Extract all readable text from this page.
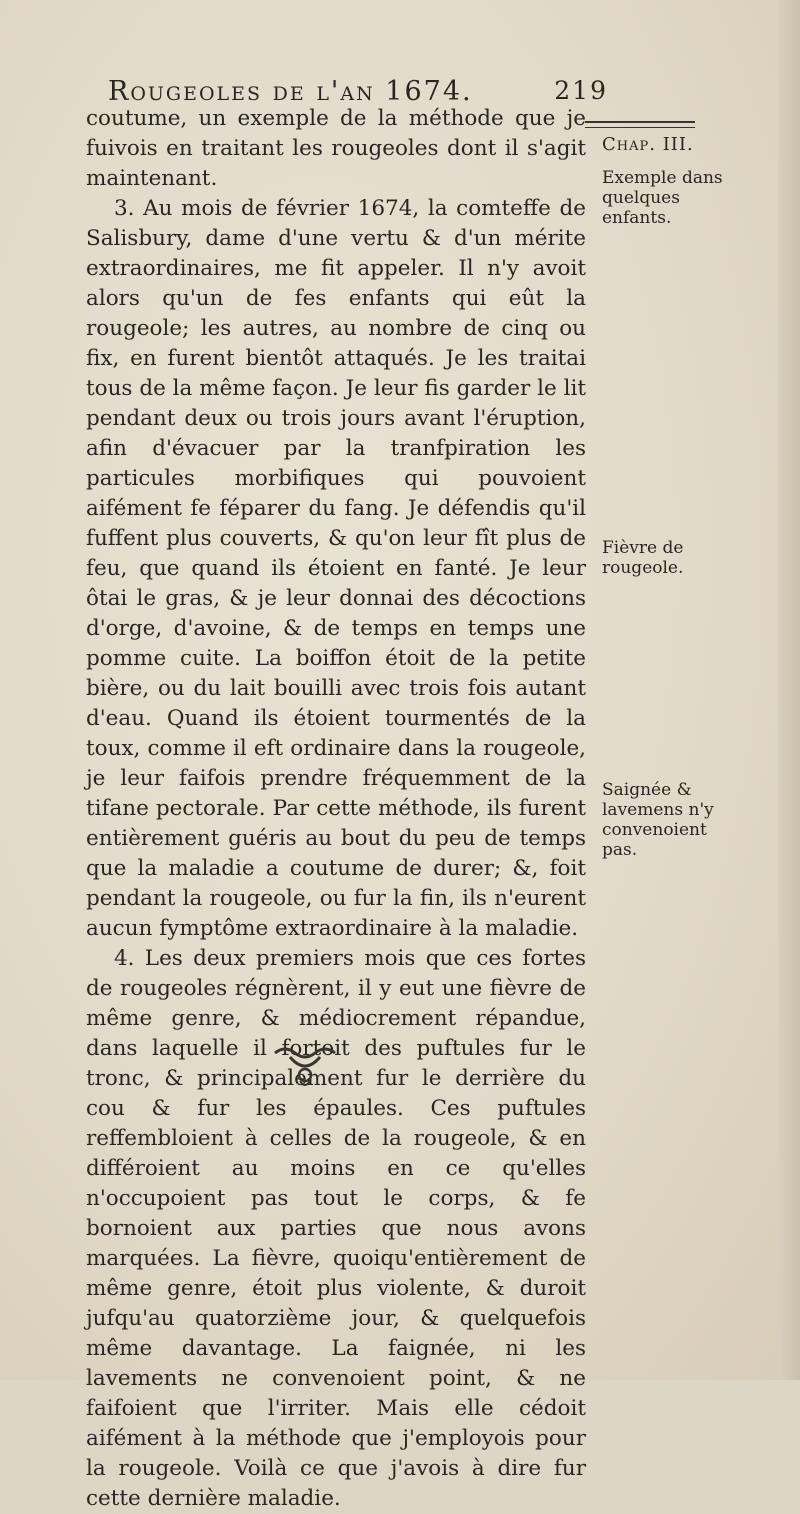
Rougeoles de l'an 1674.	219
Chap. III.

coutume, un exemple de la méthode que je fuivois en traitant les rougeoles dont il s'agit maintenant.

3. Au mois de février 1674, la comteffe de Salisbury, dame d'une vertu & d'un mérite extraordinaires, me fit appeler. Il n'y avoit alors qu'un de fes enfants qui eût la rougeole; les autres, au nombre de cinq ou fix, en furent bientôt attaqués. Je les traitai tous de la même façon. Je leur fis garder le lit pendant deux ou trois jours avant l'éruption, afin d'évacuer par la tranfpiration les particules morbifiques qui pouvoient aifément fe féparer du fang. Je défendis qu'il fuffent plus couverts, & qu'on leur fît plus de feu, que quand ils étoient en fanté. Je leur ôtai le gras, & je leur donnai des décoctions d'orge, d'avoine, & de temps en temps une pomme cuite. La boiffon étoit de la petite bière, ou du lait bouilli avec trois fois autant d'eau. Quand ils étoient tourmentés de la toux, comme il eft ordinaire dans la rougeole, je leur faifois prendre fréquemment de la tifane pectorale. Par cette méthode, ils furent entièrement guéris au bout du peu de temps que la maladie a coutume de durer; &, foit pendant la rougeole, ou fur la fin, ils n'eurent aucun fymptôme extraordinaire à la maladie.

4. Les deux premiers mois que ces fortes de rougeoles régnèrent, il y eut une fièvre de même genre, & médiocrement répandue, dans laquelle il fortoit des puftules fur le tronc, & principalement fur le derrière du cou & fur les épaules. Ces puftules reffembloient à celles de la rougeole, & en différoient au moins en ce qu'elles n'occupoient pas tout le corps, & fe bornoient aux parties que nous avons marquées. La fièvre, quoiqu'entièrement de même genre, étoit plus violente, & duroit jufqu'au quatorzième jour, & quelquefois même davantage. La faignée, ni les lavements ne convenoient point, & ne faifoient que l'irriter. Mais elle cédoit aifément à la méthode que j'employois pour la rougeole. Voilà ce que j'avois à dire fur cette dernière maladie.

Exemple dans quelques enfants.
Fièvre de rougeole.
Saignée & lavemens n'y convenoient pas.
